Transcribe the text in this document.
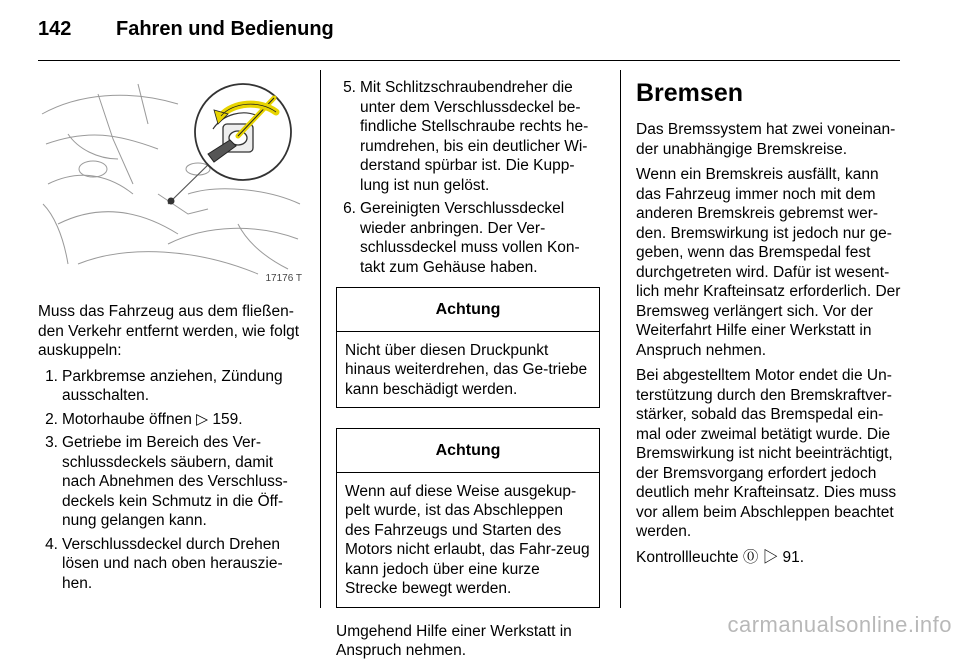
142 Fahren und Bedienung
17176 T

Muss das Fahrzeug aus dem fließen-den Verkehr entfernt werden, wie folgt auskuppeln:

1. Parkbremse anziehen, Zündung ausschalten.
2. Motorhaube öffnen ▷ 159.
3. Getriebe im Bereich des Ver-schlussdeckels säubern, damit nach Abnehmen des Verschluss-deckels kein Schmutz in die Öff-nung gelangen kann.
4. Verschlussdeckel durch Drehen lösen und nach oben herauszie-hen.
5. Mit Schlitzschraubendreher die unter dem Verschlussdeckel be-findliche Stellschraube rechts he-rumdrehen, bis ein deutlicher Wi-derstand spürbar ist. Die Kupp-lung ist nun gelöst.
6. Gereinigten Verschlussdeckel wieder anbringen. Der Ver-schlussdeckel muss vollen Kon-takt zum Gehäuse haben.
Achtung
Nicht über diesen Druckpunkt hinaus weiterdrehen, das Ge-triebe kann beschädigt werden.
Achtung
Wenn auf diese Weise ausgekup-pelt wurde, ist das Abschleppen des Fahrzeugs und Starten des Motors nicht erlaubt, das Fahr-zeug kann jedoch über eine kurze Strecke bewegt werden.

Umgehend Hilfe einer Werkstatt in Anspruch nehmen.

Bremsen

Das Bremssystem hat zwei voneinan-der unabhängige Bremskreise.

Wenn ein Bremskreis ausfällt, kann das Fahrzeug immer noch mit dem anderen Bremskreis gebremst wer-den. Bremswirkung ist jedoch nur ge-geben, wenn das Bremspedal fest durchgetreten wird. Dafür ist wesent-lich mehr Krafteinsatz erforderlich. Der Bremsweg verlängert sich. Vor der Weiterfahrt Hilfe einer Werkstatt in Anspruch nehmen.

Bei abgestelltem Motor endet die Un-terstützung durch den Bremskraftver-stärker, sobald das Bremspedal ein-mal oder zweimal betätigt wurde. Die Bremswirkung ist nicht beeinträchtigt, der Bremsvorgang erfordert jedoch deutlich mehr Krafteinsatz. Dies muss vor allem beim Abschleppen beachtet werden.

Kontrollleuchte ⓪ ▷ 91.

carmanualsonline.info
